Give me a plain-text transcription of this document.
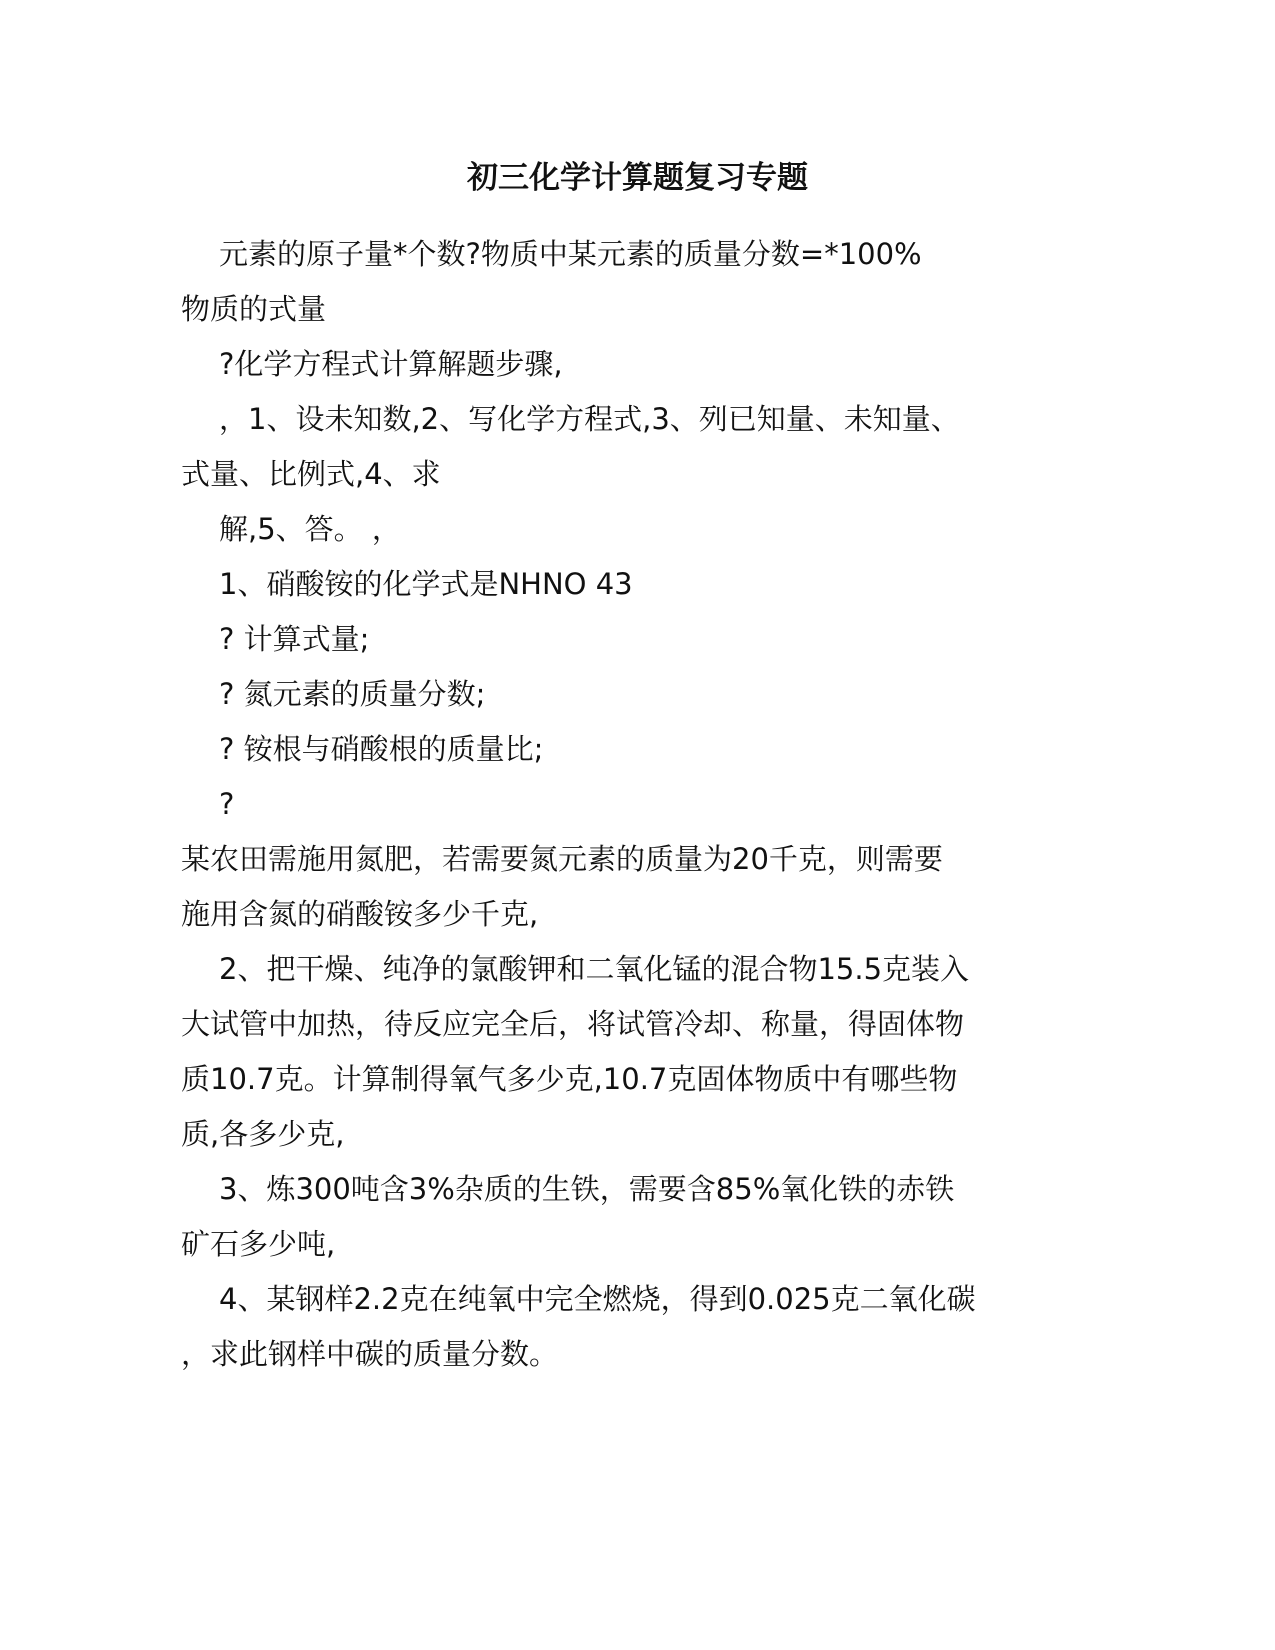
初三化学计算题复习专题
元素的原子量*个数?物质中某元素的质量分数=*100%
物质的式量
?化学方程式计算解题步骤,
，1、设未知数,2、写化学方程式,3、列已知量、未知量、
式量、比例式,4、求
解,5、答。 ，
1、硝酸铵的化学式是NHNO 43
? 计算式量;
? 氮元素的质量分数;
? 铵根与硝酸根的质量比;
?
某农田需施用氮肥，若需要氮元素的质量为20千克，则需要
施用含氮的硝酸铵多少千克,
2、把干燥、纯净的氯酸钾和二氧化锰的混合物15.5克装入
大试管中加热，待反应完全后，将试管冷却、称量，得固体物
质10.7克。计算制得氧气多少克,10.7克固体物质中有哪些物
质,各多少克,
3、炼300吨含3%杂质的生铁，需要含85%氧化铁的赤铁
矿石多少吨,
4、某钢样2.2克在纯氧中完全燃烧，得到0.025克二氧化碳
，求此钢样中碳的质量分数。
